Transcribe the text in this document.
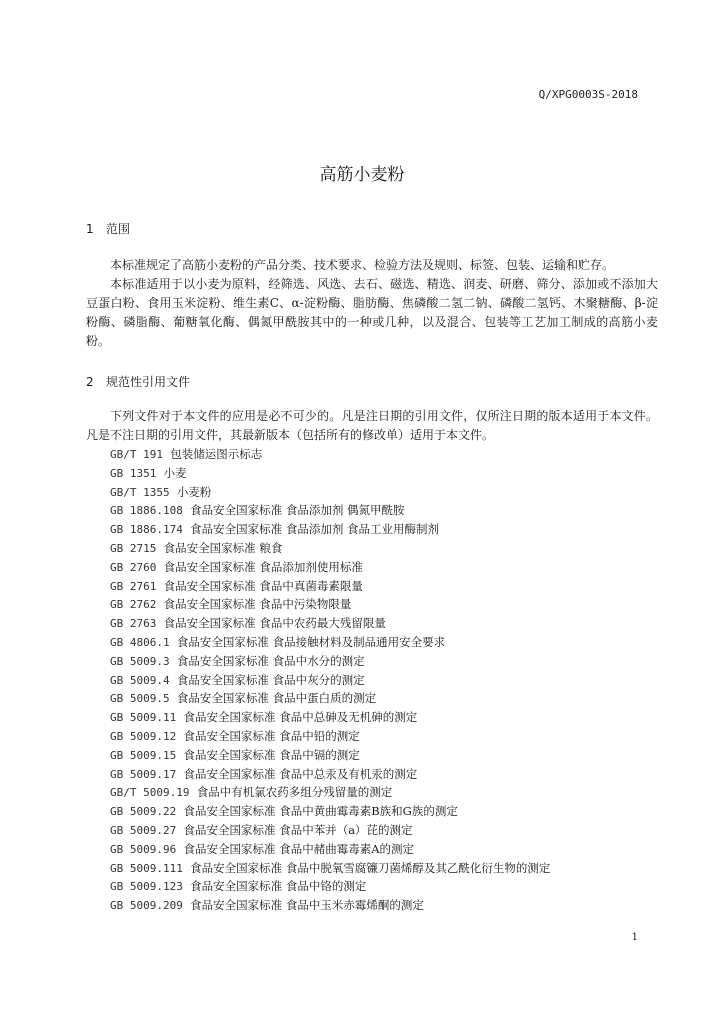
Q/XPG0003S-2018
高筋小麦粉
1 范围
本标准规定了高筋小麦粉的产品分类、技术要求、检验方法及规则、标签、包装、运输和贮存。
本标准适用于以小麦为原料，经筛选、风选、去石、磁选、精选、润麦、研磨、筛分、添加或不添加大豆蛋白粉、食用玉米淀粉、维生素C、α-淀粉酶、脂肪酶、焦磷酸二氢二钠、磷酸二氢钙、木聚糖酶、β-淀粉酶、磷脂酶、葡糖氧化酶、偶氮甲酰胺其中的一种或几种，以及混合、包装等工艺加工制成的高筋小麦粉。
2 规范性引用文件
下列文件对于本文件的应用是必不可少的。凡是注日期的引用文件，仅所注日期的版本适用于本文件。凡是不注日期的引用文件，其最新版本（包括所有的修改单）适用于本文件。
GB/T 191 包装储运图示标志
GB 1351 小麦
GB/T 1355 小麦粉
GB 1886.108 食品安全国家标准 食品添加剂 偶氮甲酰胺
GB 1886.174 食品安全国家标准 食品添加剂 食品工业用酶制剂
GB 2715 食品安全国家标准 粮食
GB 2760 食品安全国家标准 食品添加剂使用标准
GB 2761 食品安全国家标准 食品中真菌毒素限量
GB 2762 食品安全国家标准 食品中污染物限量
GB 2763 食品安全国家标准 食品中农药最大残留限量
GB 4806.1 食品安全国家标准 食品接触材料及制品通用安全要求
GB 5009.3 食品安全国家标准 食品中水分的测定
GB 5009.4 食品安全国家标准 食品中灰分的测定
GB 5009.5 食品安全国家标准 食品中蛋白质的测定
GB 5009.11 食品安全国家标准 食品中总砷及无机砷的测定
GB 5009.12 食品安全国家标准 食品中铅的测定
GB 5009.15 食品安全国家标准 食品中镉的测定
GB 5009.17 食品安全国家标准 食品中总汞及有机汞的测定
GB/T 5009.19 食品中有机氯农药多组分残留量的测定
GB 5009.22 食品安全国家标准 食品中黄曲霉毒素B族和G族的测定
GB 5009.27 食品安全国家标准 食品中苯并（a）芘的测定
GB 5009.96 食品安全国家标准 食品中赭曲霉毒素A的测定
GB 5009.111 食品安全国家标准 食品中脱氧雪腐镰刀菌烯醇及其乙酰化衍生物的测定
GB 5009.123 食品安全国家标准 食品中铬的测定
GB 5009.209 食品安全国家标准 食品中玉米赤霉烯酮的测定
1
